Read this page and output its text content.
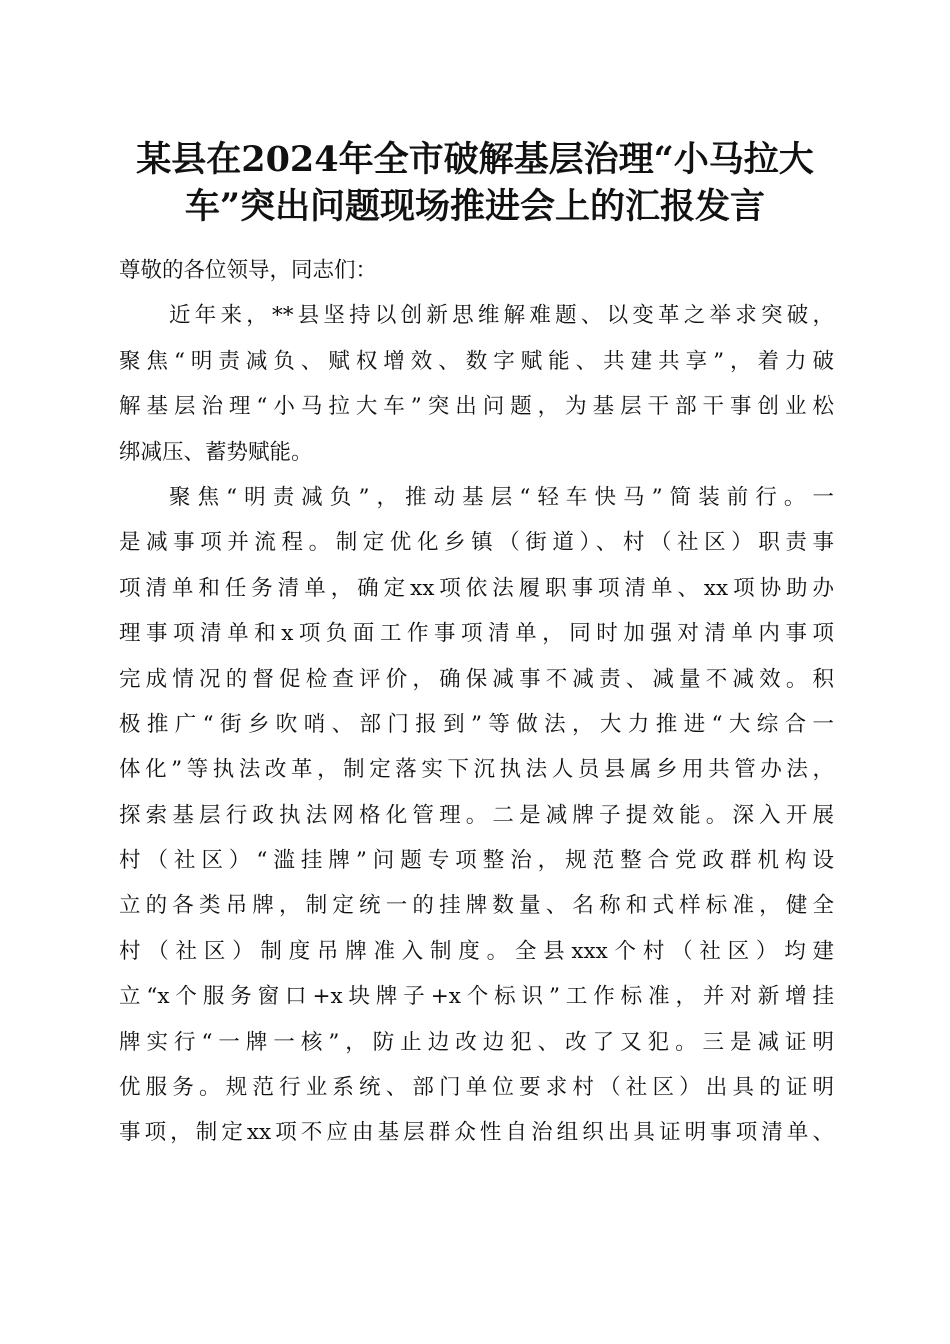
某县在2024年全市破解基层治理“小马拉大
车”突出问题现场推进会上的汇报发言
尊敬的各位领导，同志们：
近年来，**县坚持以创新思维解难题、以变革之举求突破，
聚焦“明责减负、赋权增效、数字赋能、共建共享”，着力破
解基层治理“小马拉大车”突出问题，为基层干部干事创业松
绑减压、蓄势赋能。
聚焦“明责减负”，推动基层“轻车快马”简装前行。一
是减事项并流程。制定优化乡镇（街道）、村（社区）职责事
项清单和任务清单，确定xx项依法履职事项清单、xx项协助办
理事项清单和x项负面工作事项清单，同时加强对清单内事项
完成情况的督促检查评价，确保减事不减责、减量不减效。积
极推广“街乡吹哨、部门报到”等做法，大力推进“大综合一
体化”等执法改革，制定落实下沉执法人员县属乡用共管办法，
探索基层行政执法网格化管理。二是减牌子提效能。深入开展
村（社区）“滥挂牌”问题专项整治，规范整合党政群机构设
立的各类吊牌，制定统一的挂牌数量、名称和式样标准，健全
村（社区）制度吊牌准入制度。全县xxx个村（社区）均建
立“x个服务窗口+x块牌子+x个标识”工作标准，并对新增挂
牌实行“一牌一核”，防止边改边犯、改了又犯。三是减证明
优服务。规范行业系统、部门单位要求村（社区）出具的证明
事项，制定xx项不应由基层群众性自治组织出具证明事项清单、
